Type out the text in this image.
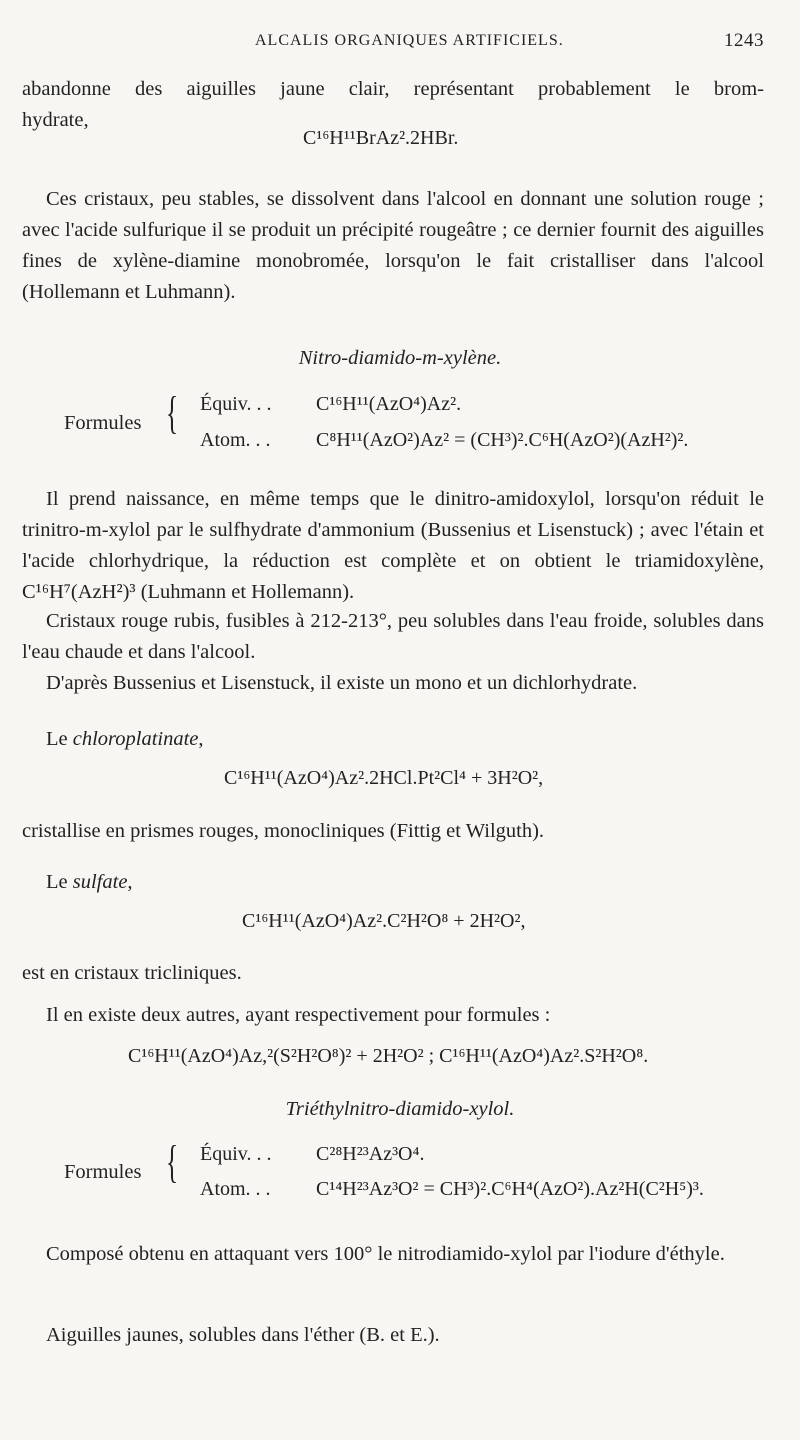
ALCALIS ORGANIQUES ARTIFICIELS.	1243
abandonne des aiguilles jaune clair, représentant probablement le brom-
hydrate,
C¹⁶H¹¹BrAz².2HBr.
Ces cristaux, peu stables, se dissolvent dans l'alcool en donnant une solution rouge ; avec l'acide sulfurique il se produit un précipité rougeâtre ; ce dernier fournit des aiguilles fines de xylène-diamine monobromée, lorsqu'on le fait cristalliser dans l'alcool (Hollemann et Luhmann).
Nitro-diamido-m-xylène.
Formules { Équiv. . . C¹⁶H¹¹(AzO⁴)Az².
Atom. . . C⁸H¹¹(AzO²)Az² = (CH³)².C⁶H(AzO²)(AzH²)².
Il prend naissance, en même temps que le dinitro-amidoxylol, lorsqu'on réduit le trinitro-m-xylol par le sulfhydrate d'ammonium (Bussenius et Lisenstuck) ; avec l'étain et l'acide chlorhydrique, la réduction est complète et on obtient le triamidoxylène, C¹⁶H⁷(AzH²)³ (Luhmann et Hollemann).
Cristaux rouge rubis, fusibles à 212-213°, peu solubles dans l'eau froide, solubles dans l'eau chaude et dans l'alcool.
D'après Bussenius et Lisenstuck, il existe un mono et un dichlorhydrate.
Le chloroplatinate,
C¹⁶H¹¹(AzO⁴)Az².2HCl.Pt²Cl⁴ + 3H²O²,
cristallise en prismes rouges, monocliniques (Fittig et Wilguth).
Le sulfate,
C¹⁶H¹¹(AzO⁴)Az².C²H²O⁸ + 2H²O²,
est en cristaux tricliniques.
Il en existe deux autres, ayant respectivement pour formules :
C¹⁶H¹¹(AzO⁴)Az,²(S²H²O⁸)² + 2H²O² ; C¹⁶H¹¹(AzO⁴)Az².S²H²O⁸.
Triéthylnitro-diamido-xylol.
Formules { Équiv. . . C²⁸H²³Az³O⁴.
Atom. . . C¹⁴H²³Az³O² = CH³)².C⁶H⁴(AzO²).Az²H(C²H⁵)³.
Composé obtenu en attaquant vers 100° le nitrodiamido-xylol par l'iodure d'éthyle.
Aiguilles jaunes, solubles dans l'éther (B. et E.).
